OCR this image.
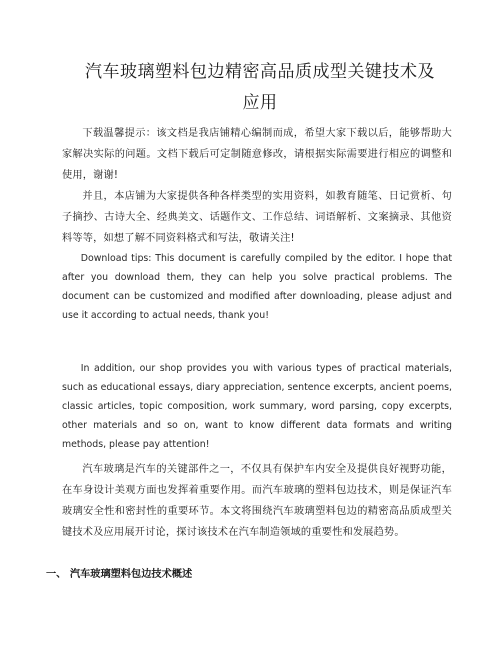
汽车玻璃塑料包边精密高品质成型关键技术及
应用

下载温馨提示：该文档是我店铺精心编制而成，希望大家下载以后，能够帮助大家解决实际的问题。文档下载后可定制随意修改，请根据实际需要进行相应的调整和使用，谢谢!

并且，本店铺为大家提供各种各样类型的实用资料，如教育随笔、日记赏析、句子摘抄、古诗大全、经典美文、话题作文、工作总结、词语解析、文案摘录、其他资料等等，如想了解不同资料格式和写法，敬请关注!

Download tips: This document is carefully compiled by the editor. I hope that after you download them, they can help you solve practical problems. The document can be customized and modified after downloading, please adjust and use it according to actual needs, thank you!

In addition, our shop provides you with various types of practical materials, such as educational essays, diary appreciation, sentence excerpts, ancient poems, classic articles, topic composition, work summary, word parsing, copy excerpts, other materials and so on, want to know different data formats and writing methods, please pay attention!

汽车玻璃是汽车的关键部件之一，不仅具有保护车内安全及提供良好视野功能，在车身设计美观方面也发挥着重要作用。而汽车玻璃的塑料包边技术，则是保证汽车玻璃安全性和密封性的重要环节。本文将围绕汽车玻璃塑料包边的精密高品质成型关键技术及应用展开讨论，探讨该技术在汽车制造领域的重要性和发展趋势。

一、 汽车玻璃塑料包边技术概述
